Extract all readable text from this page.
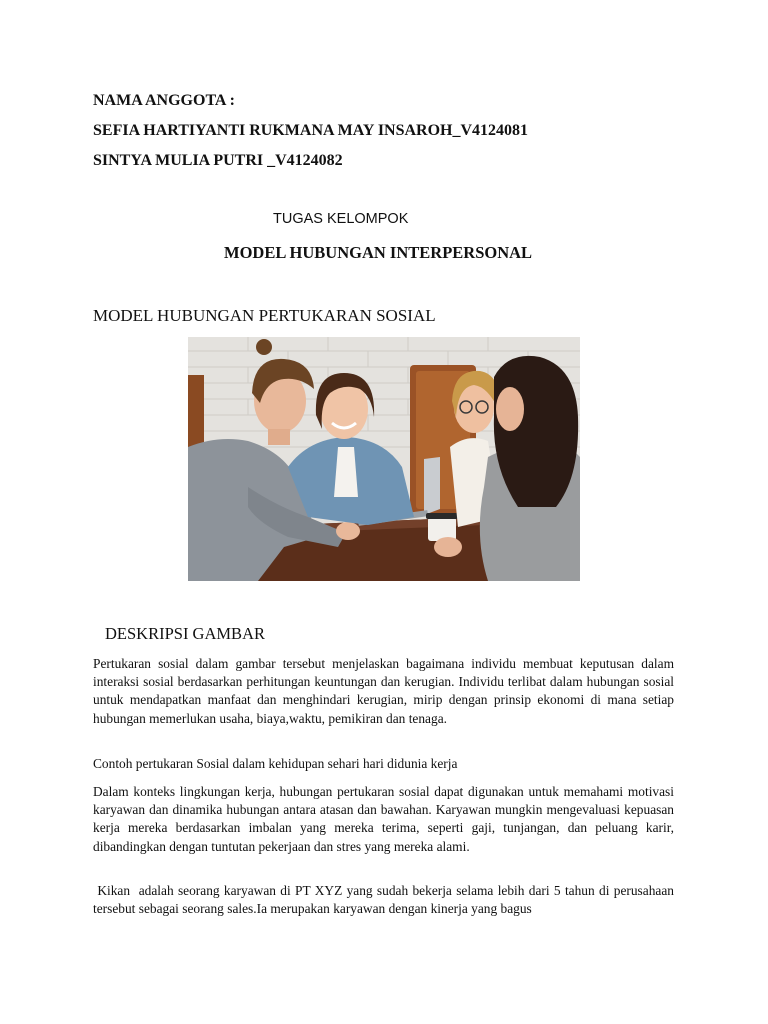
NAMA ANGGOTA :
SEFIA HARTIYANTI RUKMANA MAY INSAROH_V4124081
SINTYA MULIA PUTRI _V4124082
TUGAS KELOMPOK
MODEL HUBUNGAN INTERPERSONAL
MODEL HUBUNGAN PERTUKARAN SOSIAL
DESKRIPSI GAMBAR

Pertukaran sosial dalam gambar tersebut menjelaskan bagaimana individu membuat keputusan dalam interaksi sosial berdasarkan perhitungan keuntungan dan kerugian. Individu terlibat dalam hubungan sosial untuk mendapatkan manfaat dan menghindari kerugian, mirip dengan prinsip ekonomi di mana setiap hubungan memerlukan usaha, biaya,waktu, pemikiran dan tenaga.

Contoh pertukaran Sosial dalam kehidupan sehari hari didunia kerja

Dalam konteks lingkungan kerja, hubungan pertukaran sosial dapat digunakan untuk memahami motivasi karyawan dan dinamika hubungan antara atasan dan bawahan. Karyawan mungkin mengevaluasi kepuasan kerja mereka berdasarkan imbalan yang mereka terima, seperti gaji, tunjangan, dan peluang karir, dibandingkan dengan tuntutan pekerjaan dan stres yang mereka alami.

Kikan  adalah seorang karyawan di PT XYZ yang sudah bekerja selama lebih dari 5 tahun di perusahaan tersebut sebagai seorang sales.Ia merupakan karyawan dengan kinerja yang bagus
